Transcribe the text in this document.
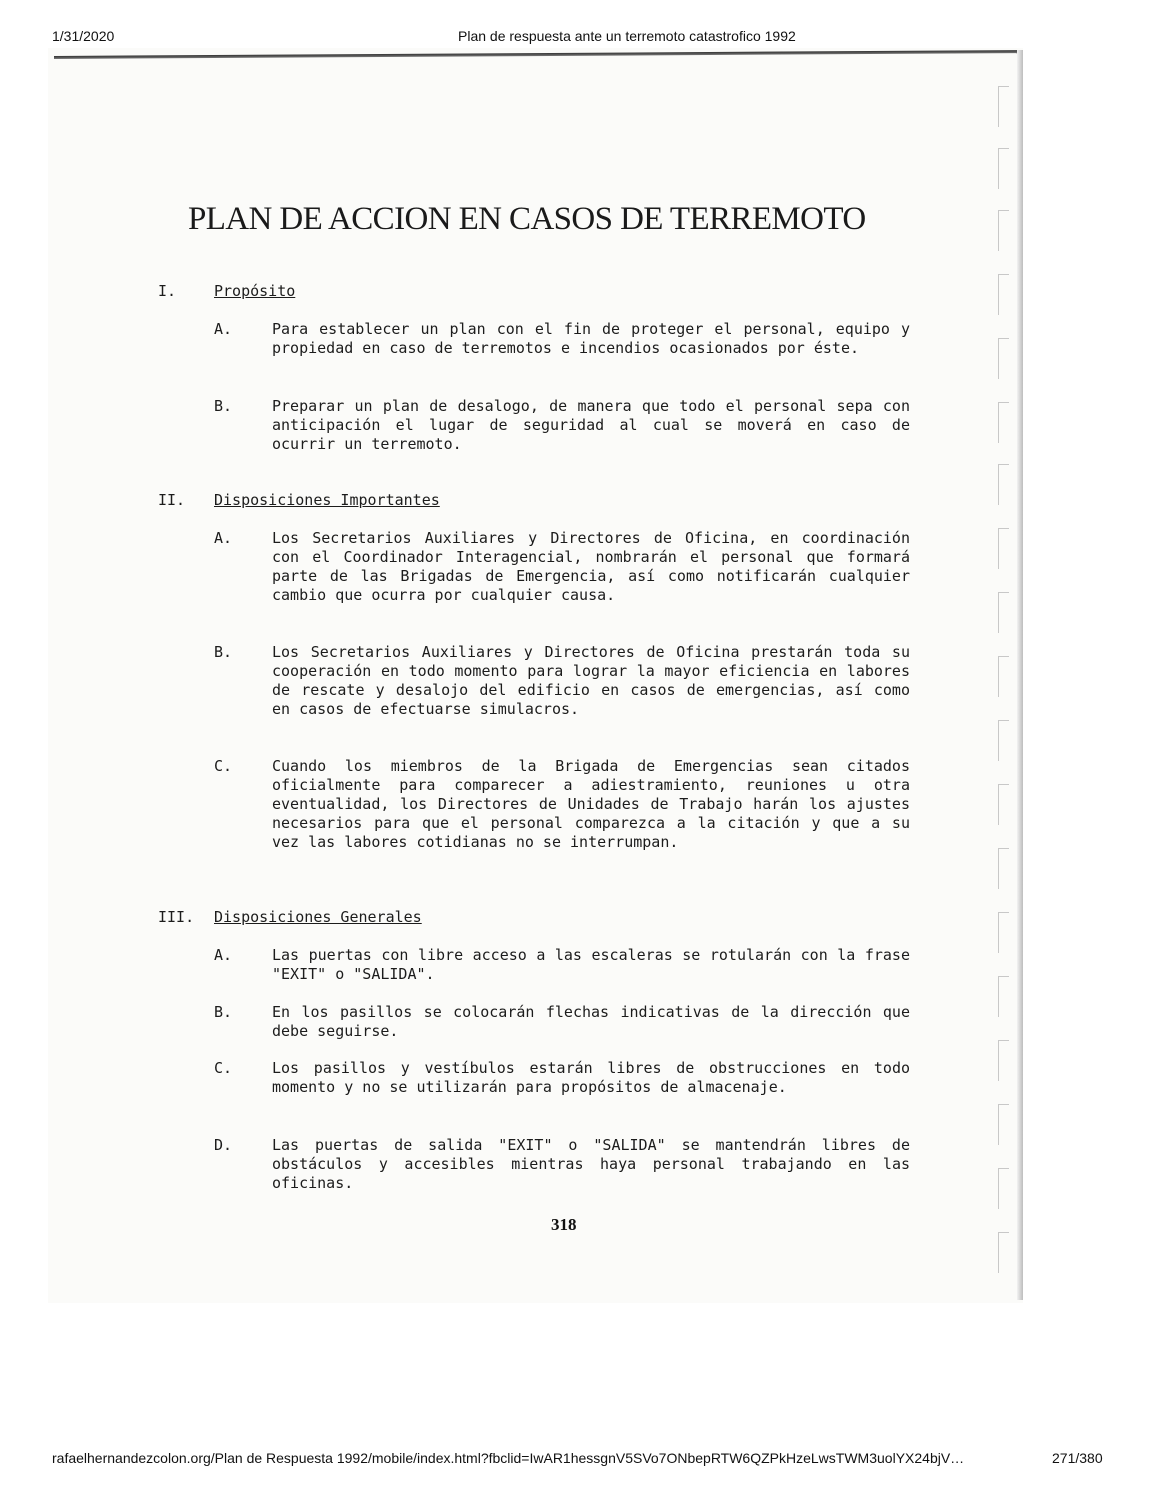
1/31/2020	Plan de respuesta ante un terremoto catastrofico 1992
PLAN DE ACCION EN CASOS DE TERREMOTO
I.	Propósito
A.	Para establecer un plan con el fin de proteger el personal, equipo y propiedad en caso de terremotos e incendios ocasionados por éste.
B.	Preparar un plan de desalogo, de manera que todo el personal sepa con anticipación el lugar de seguridad al cual se moverá en caso de ocurrir un terremoto.
II. Disposiciones Importantes
A.	Los Secretarios Auxiliares y Directores de Oficina, en coordinación con el Coordinador Interagencial, nombrarán el personal que formará parte de las Brigadas de Emergencia, así como notificarán cualquier cambio que ocurra por cualquier causa.
B.	Los Secretarios Auxiliares y Directores de Oficina prestarán toda su cooperación en todo momento para lograr la mayor eficiencia en labores de rescate y desalojo del edificio en casos de emergencias, así como en casos de efectuarse simulacros.
C.	Cuando los miembros de la Brigada de Emergencias sean citados oficialmente para comparecer a adiestramiento, reuniones u otra eventualidad, los Directores de Unidades de Trabajo harán los ajustes necesarios para que el personal comparezca a la citación y que a su vez las labores cotidianas no se interrumpan.
III. Disposiciones Generales
A.	Las puertas con libre acceso a las escaleras se rotularán con la frase "EXIT" o "SALIDA".
B.	En los pasillos se colocarán flechas indicativas de la dirección que debe seguirse.
C.	Los pasillos y vestíbulos estarán libres de obstrucciones en todo momento y no se utilizarán para propósitos de almacenaje.
D.	Las puertas de salida "EXIT" o "SALIDA" se mantendrán libres de obstáculos y accesibles mientras haya personal trabajando en las oficinas.
318
rafaelhernandezcolon.org/Plan de Respuesta 1992/mobile/index.html?fbclid=IwAR1hessgnV5SVo7ONbepRTW6QZPkHzeLwsTWM3uolYX24bjV…	271/380
